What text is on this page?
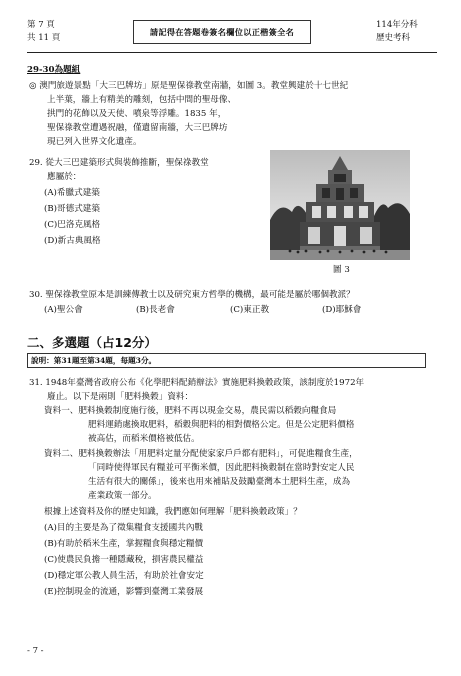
第 7 頁
共 11 頁
請記得在答題卷簽名欄位以正楷簽全名
114年分科
歷史考科
29-30為題組
◎ 澳門旅遊景點「大三巴牌坊」原是聖保祿教堂南牆，如圖 3。教堂興建於十七世紀
上半葉，牆上有精美的雕刻，包括中間的聖母像、
拱門的花飾以及天使、噴泉等浮雕。1835 年，
聖保祿教堂遭遇祝融，僅遺留南牆，大三巴牌坊
現已列入世界文化遺產。
29. 從大三巴建築形式與裝飾推斷，聖保祿教堂
應屬於：
(A)希臘式建築
(B)哥德式建築
(C)巴洛克風格
(D)新古典風格
圖 3
30. 聖保祿教堂原本是訓練傳教士以及研究東方哲學的機構，最可能是屬於哪個教派？
(A)聖公會	(B)長老會	(C)東正教	(D)耶穌會
二、多選題（占12分）
說明：第31題至第34題，每題3分。
31. 1948年臺灣省政府公布《化學肥料配銷辦法》實施肥料換穀政策，該制度於1972年
廢止。以下是兩則「肥料換穀」資料：
資料一、肥料換穀制度施行後，肥料不再以現金交易，農民需以稻穀向糧食局
肥料運銷處換取肥料，稻穀與肥料的相對價格公定。但是公定肥料價格
被高估，而稻米價格被低估。
資料二、肥料換穀辦法「用肥料定量分配使家家戶戶都有肥料」，可促進糧食生產，
「同時使得軍民有糧並可平衡米價，因此肥料換穀制在當時對安定人民
生活有很大的關係」，後來也用來補貼及鼓勵臺灣本土肥料生產，成為
產業政策一部分。
根據上述資料及你的歷史知識，我們應如何理解「肥料換穀政策」？
(A)目的主要是為了徵集糧食支援國共內戰
(B)有助於稻米生產，掌握糧食與穩定糧價
(C)使農民負擔一種隱藏稅，損害農民權益
(D)穩定軍公教人員生活，有助於社會安定
(E)控制現金的流通，影響到臺灣工業發展
- 7 -
